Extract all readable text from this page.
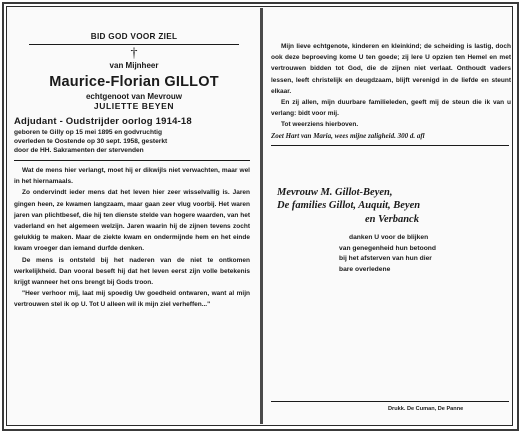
BID GOD VOOR ZIEL
†
van Mijnheer
Maurice-Florian GILLOT
echtgenoot van Mevrouw
JULIETTE BEYEN
Adjudant - Oudstrijder oorlog 1914-18
geboren te Gilly op 15 mei 1895 en godvruchtig
overleden te Oostende op 30 sept. 1958, gesterkt
door de HH. Sakramenten der stervenden

Wat de mens hier verlangt, moet hij er dikwijls niet verwachten, maar wel in het hiernamaals.

Zo ondervindt ieder mens dat het leven hier zeer wisselvallig is. Jaren gingen heen, ze kwamen langzaam, maar gaan zeer vlug voorbij. Het waren jaren van plichtbesef, die hij ten dienste stelde van hogere waarden, van het vaderland en het algemeen welzijn. Jaren waarin hij de zijnen tevens zocht gelukkig te maken. Maar de ziekte kwam en ondermijnde hem en het einde kwam vroeger dan iemand durfde denken.

De mens is ontsteld bij het naderen van de niet te ontkomen werkelijkheid. Dan vooral beseft hij dat het leven eerst zijn volle betekenis krijgt wanneer het ons brengt bij Gods troon.

"Heer verhoor mij, laat mij spoedig Uw goedheid ontwaren, want al mijn vertrouwen stel ik op U. Tot U alleen wil ik mijn ziel verheffen..."

Mijn lieve echtgenote, kinderen en kleinkind; de scheiding is lastig, doch ook deze beproeving kome U ten goede; zij lere U opzien ten Hemel en met vertrouwen bidden tot God, die de zijnen niet verlaat. Onthoudt vaders lessen, leeft christelijk en deugdzaam, blijft verenigd in de liefde en steunt elkaar.

En zij allen, mijn duurbare familieleden, geeft mij de steun die ik van u verlang: bidt voor mij.

Tot weerziens hierboven.

Zoet Hart van Maria, wees mijne zaligheid. 300 d. afl
Mevrouw M. Gillot-Beyen,
De families Gillot, Auquit, Beyen
en Verbanck
danken U voor de blijken
van genegenheid hun betoond
bij het afsterven van hun dier
bare overledene
Drukk. De Cuman, De Panne
